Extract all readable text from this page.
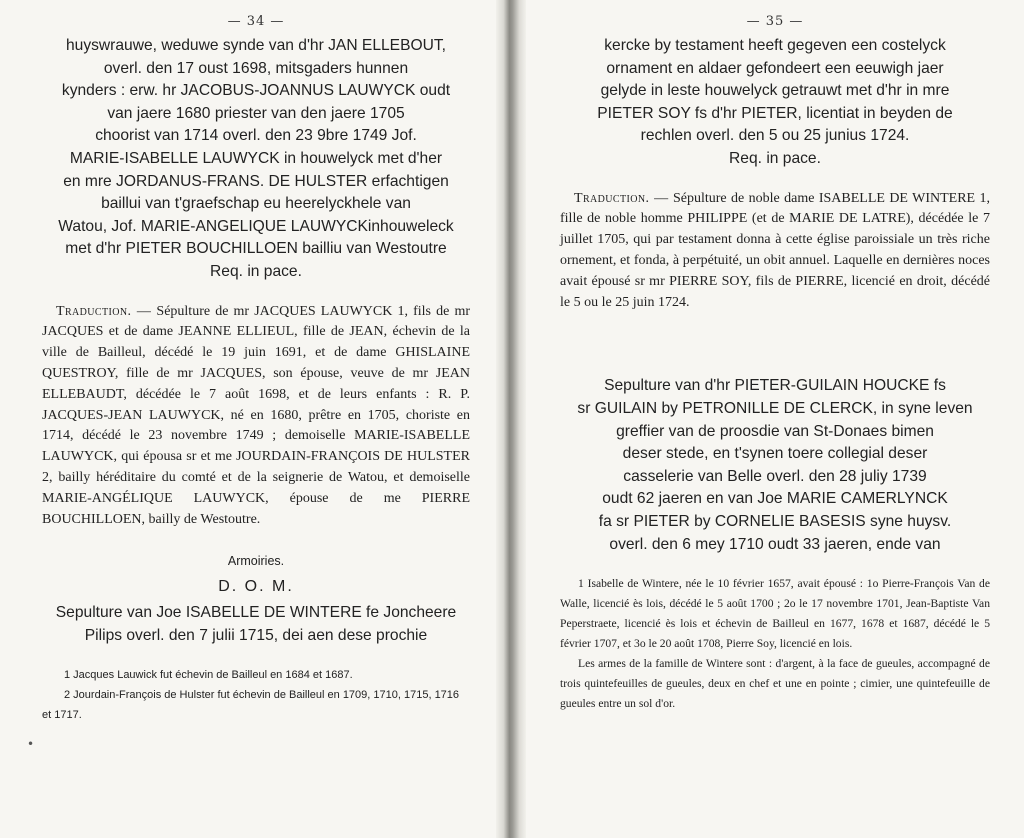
— 34 —
huyswrauwe, weduwe synde van d'hr JAN ELLEBOUT,
overl. den 17 oust 1698, mitsgaders hunnen
kynders : erw. hr JACOBUS-JOANNUS LAUWYCK oudt
van jaere 1680 priester van den jaere 1705
choorist van 1714 overl. den 23 9bre 1749 Jof.
MARIE-ISABELLE LAUWYCK in houwelyck met d'her
en mre JORDANUS-FRANS. DE HULSTER erfachtigen
baillui van t'graefschap eu heerelyckhele van
Watou, Jof. MARIE-ANGELIQUE LAUWYCKinhouweleck
met d'hr PIETER BOUCHILLOEN bailliu van Westoutre
Req. in pace.

Traduction. — Sépulture de mr JACQUES LAUWYCK 1, fils de mr JACQUES et de dame JEANNE ELLIEUL, fille de JEAN, échevin de la ville de Bailleul, décédé le 19 juin 1691, et de dame GHISLAINE QUESTROY, fille de mr JACQUES, son épouse, veuve de mr JEAN ELLEBAUDT, décédée le 7 août 1698, et de leurs enfants : R. P. JACQUES-JEAN LAUWYCK, né en 1680, prêtre en 1705, choriste en 1714, décédé le 23 novembre 1749 ; demoiselle MARIE-ISABELLE LAUWYCK, qui épousa sr et me JOURDAIN-FRANÇOIS DE HULSTER 2, bailly héréditaire du comté et de la seignerie de Watou, et demoiselle MARIE-ANGÉLIQUE LAUWYCK, épouse de me PIERRE BOUCHILLOEN, bailly de Westoutre.

Armoiries.
D. O. M.
Sepulture van Joe ISABELLE DE WINTERE fe Joncheere
Pilips overl. den 7 julii 1715, dei aen dese prochie

1 Jacques Lauwick fut échevin de Bailleul en 1684 et 1687.

2 Jourdain-François de Hulster fut échevin de Bailleul en 1709, 1710, 1715, 1716 et 1717.

•
— 35 —
kercke by testament heeft gegeven een costelyck
ornament en aldaer gefondeert een eeuwigh jaer
gelyde in leste houwelyck getrauwt met d'hr in mre
PIETER SOY fs d'hr PIETER, licentiat in beyden de
rechlen overl. den 5 ou 25 junius 1724.
Req. in pace.

Traduction. — Sépulture de noble dame ISABELLE DE WINTERE 1, fille de noble homme PHILIPPE (et de MARIE DE LATRE), décédée le 7 juillet 1705, qui par testament donna à cette église paroissiale un très riche ornement, et fonda, à perpétuité, un obit annuel. Laquelle en dernières noces avait épousé sr mr PIERRE SOY, fils de PIERRE, licencié en droit, décédé le 5 ou le 25 juin 1724.

Sepulture van d'hr PIETER-GUILAIN HOUCKE fs
sr GUILAIN by PETRONILLE DE CLERCK, in syne leven
greffier van de proosdie van St-Donaes bimen
deser stede, en t'synen toere collegial deser
casselerie van Belle overl. den 28 juliy 1739
oudt 62 jaeren en van Joe MARIE CAMERLYNCK
fa sr PIETER by CORNELIE BASESIS syne huysv.
overl. den 6 mey 1710 oudt 33 jaeren, ende van

1 Isabelle de Wintere, née le 10 février 1657, avait épousé : 1o Pierre-François Van de Walle, licencié ès lois, décédé le 5 août 1700 ; 2o le 17 novembre 1701, Jean-Baptiste Van Peperstraete, licencié ès lois et échevin de Bailleul en 1677, 1678 et 1687, décédé le 5 février 1707, et 3o le 20 août 1708, Pierre Soy, licencié en lois.

Les armes de la famille de Wintere sont : d'argent, à la face de gueules, accompagné de trois quintefeuilles de gueules, deux en chef et une en pointe ; cimier, une quintefeuille de gueules entre un sol d'or.
